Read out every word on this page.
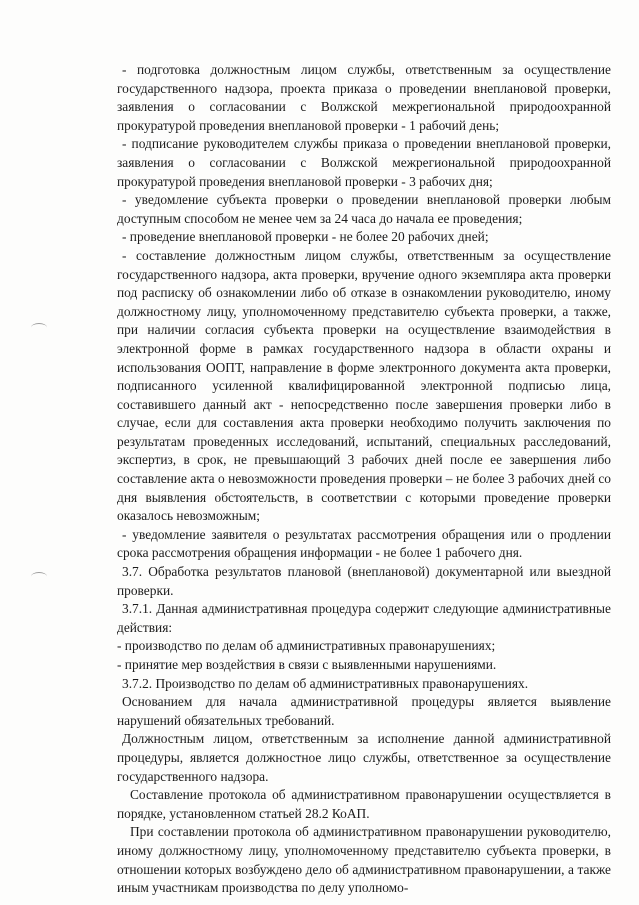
- подготовка должностным лицом службы, ответственным за осуществление государственного надзора, проекта приказа о проведении внеплановой проверки, заявления о согласовании с Волжской межрегиональной природоохранной прокуратурой проведения внеплановой проверки - 1 рабочий день;

- подписание руководителем службы приказа о проведении внеплановой проверки, заявления о согласовании с Волжской межрегиональной природоохранной прокуратурой проведения внеплановой проверки - 3 рабочих дня;

- уведомление субъекта проверки о проведении внеплановой проверки любым доступным способом не менее чем за 24 часа до начала ее проведения;

- проведение внеплановой проверки - не более 20 рабочих дней;

- составление должностным лицом службы, ответственным за осуществление государственного надзора, акта проверки, вручение одного экземпляра акта проверки под расписку об ознакомлении либо об отказе в ознакомлении руководителю, иному должностному лицу, уполномоченному представителю субъекта проверки, а также, при наличии согласия субъекта проверки на осуществление взаимодействия в электронной форме в рамках государственного надзора в области охраны и использования ООПТ, направление в форме электронного документа акта проверки, подписанного усиленной квалифицированной электронной подписью лица, составившего данный акт - непосредственно после завершения проверки либо в случае, если для составления акта проверки необходимо получить заключения по результатам проведенных исследований, испытаний, специальных расследований, экспертиз, в срок, не превышающий 3 рабочих дней после ее завершения либо составление акта о невозможности проведения проверки – не более 3 рабочих дней со дня выявления обстоятельств, в соответствии с которыми проведение проверки оказалось невозможным;

- уведомление заявителя о результатах рассмотрения обращения или о продлении срока рассмотрения обращения информации - не более 1 рабочего дня.

3.7. Обработка результатов плановой (внеплановой) документарной или выездной проверки.

3.7.1. Данная административная процедура содержит следующие административные действия:

- производство по делам об административных правонарушениях;

- принятие мер воздействия в связи с выявленными нарушениями.

3.7.2. Производство по делам об административных правонарушениях.

Основанием для начала административной процедуры является выявление нарушений обязательных требований.

Должностным лицом, ответственным за исполнение данной административной процедуры, является должностное лицо службы, ответственное за осуществление государственного надзора.

Составление протокола об административном правонарушении осуществляется в порядке, установленном статьей 28.2 КоАП.

При составлении протокола об административном правонарушении руководителю, иному должностному лицу, уполномоченному представителю субъекта проверки, в отношении которых возбуждено дело об административном правонарушении, а также иным участникам производства по делу уполномо-
